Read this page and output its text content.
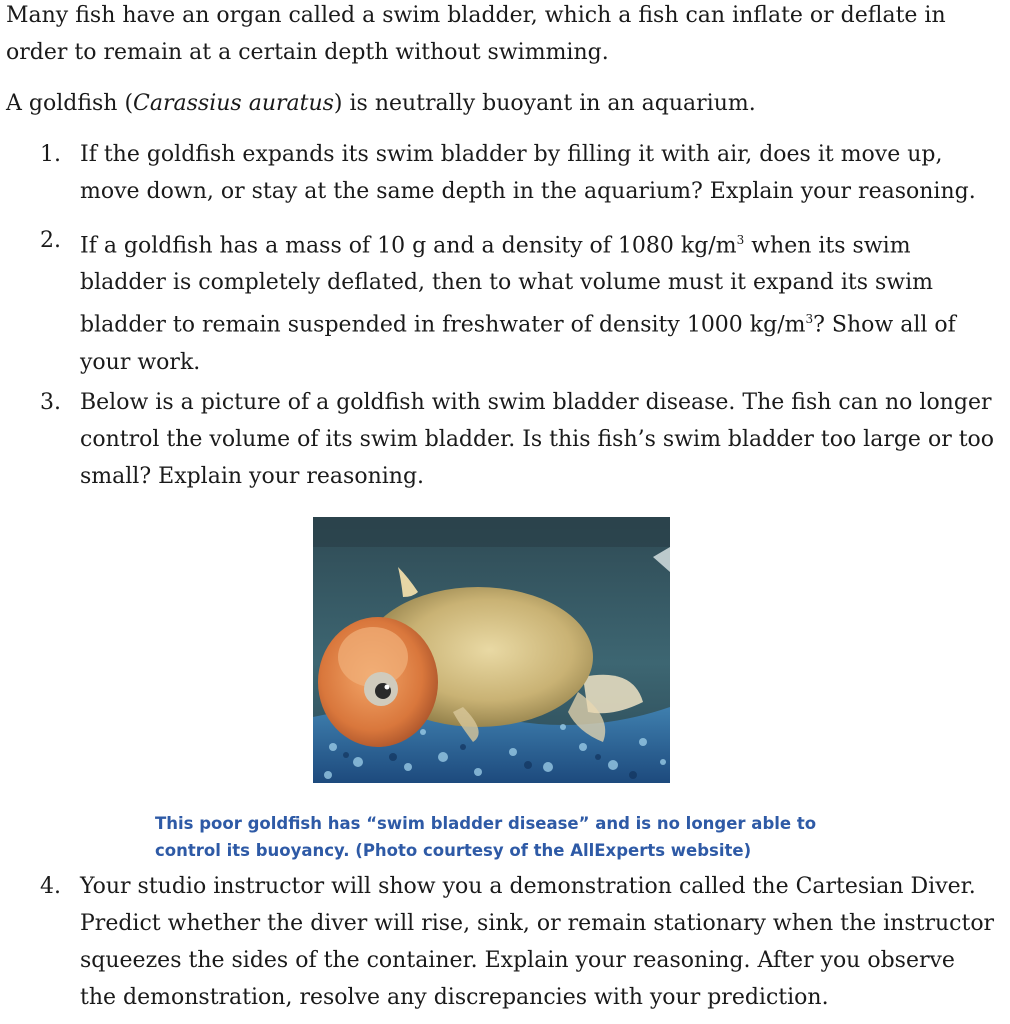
Many fish have an organ called a swim bladder, which a fish can inflate or deflate in order to remain at a certain depth without swimming.

A goldfish (Carassius auratus) is neutrally buoyant in an aquarium.

1. If the goldfish expands its swim bladder by filling it with air, does it move up, move down, or stay at the same depth in the aquarium? Explain your reasoning.
2. If a goldfish has a mass of 10 g and a density of 1080 $kg/m^3$ when its swim bladder is completely deflated, then to what volume must it expand its swim bladder to remain suspended in freshwater of density 1000 $kg/m^3$? Show all of your work.
3. Below is a picture of a goldfish with swim bladder disease. The fish can no longer control the volume of its swim bladder. Is this fish’s swim bladder too large or too small? Explain your reasoning.
This poor goldfish has “swim bladder disease” and is no longer able to
control its buoyancy. (Photo courtesy of the AllExperts website)
4. Your studio instructor will show you a demonstration called the Cartesian Diver. Predict whether the diver will rise, sink, or remain stationary when the instructor squeezes the sides of the container. Explain your reasoning. After you observe the demonstration, resolve any discrepancies with your prediction.
